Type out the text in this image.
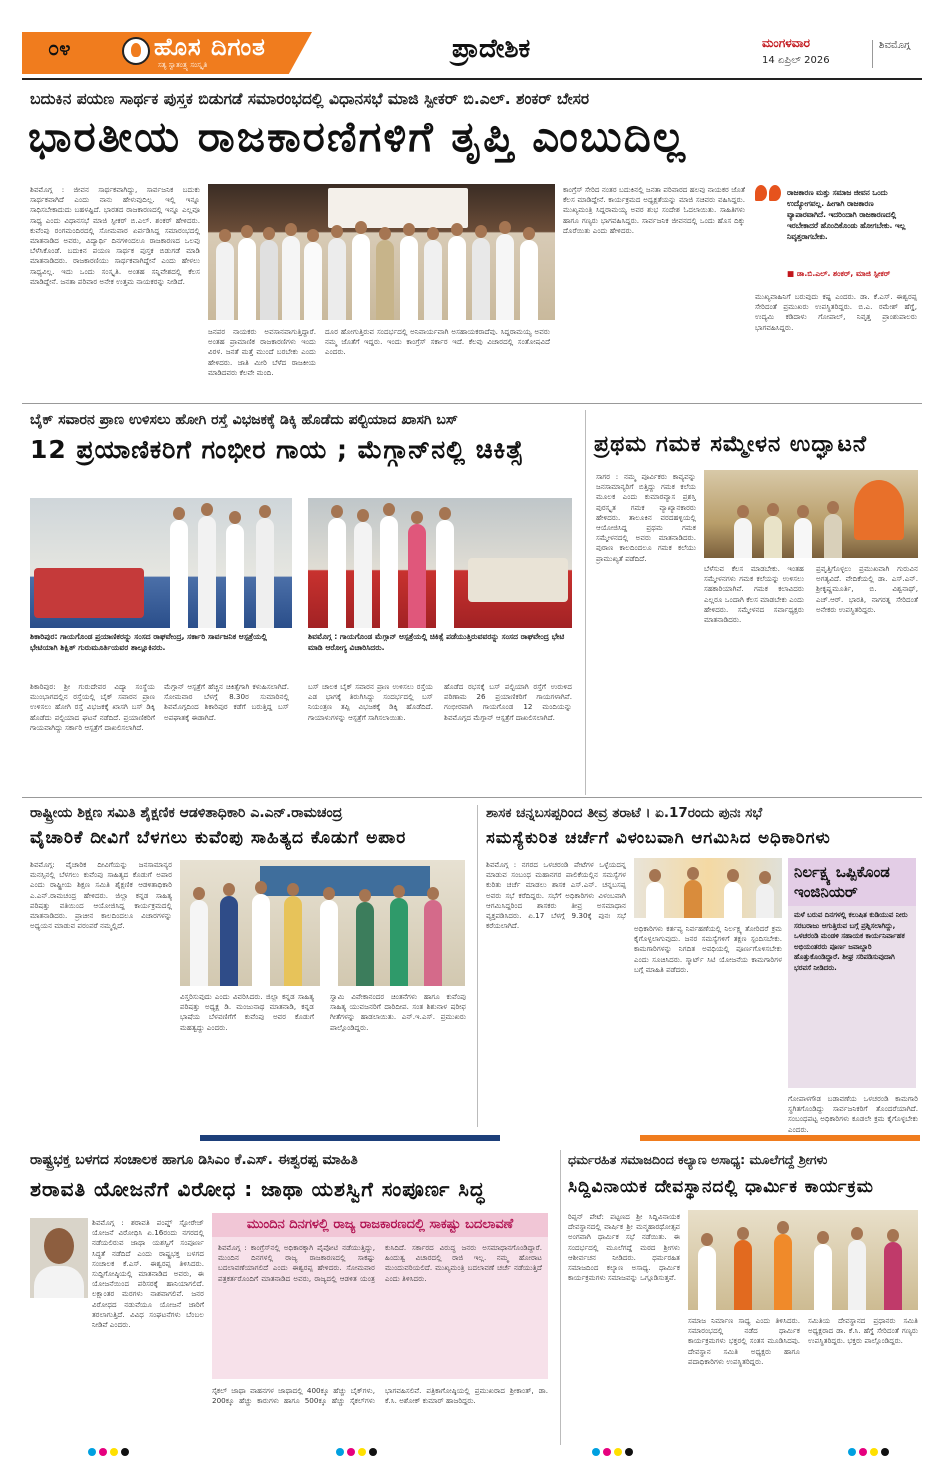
೦೪	ಹೊಸ ದಿಗಂತ
ಸತ್ಯ ಸ್ವಾತಂತ್ರ್ಯ ಸಂಸ್ಕೃತಿ
ಪ್ರಾದೇಶಿಕ	ಮಂಗಳವಾರ
14 ಏಪ್ರಿಲ್ 2026
ಶಿವಮೊಗ್ಗ
ಬದುಕಿನ ಪಯಣ ಸಾರ್ಥಕ ಪುಸ್ತಕ ಬಿಡುಗಡೆ ಸಮಾರಂಭದಲ್ಲಿ ವಿಧಾನಸಭೆ ಮಾಜಿ ಸ್ಪೀಕರ್ ಬಿ.ಎಲ್. ಶಂಕರ್ ಬೇಸರ
ಭಾರತೀಯ ರಾಜಕಾರಣಿಗಳಿಗೆ ತೃಪ್ತಿ ಎಂಬುದಿಲ್ಲ
ಶಿವಮೊಗ್ಗ : ಜೀವನ ಸಾರ್ಥಕವಾಗಿದ್ದು, ಸಾರ್ವಜನಿಕ ಬದುಕು ಸಾರ್ಥಕವಾಗಿದೆ ಎಂದು ನಾನು ಹೇಳುವುದಿಲ್ಲ. ಇಲ್ಲಿ ಇನ್ನೂ ಸಾಧಿಸಬೇಕಾದುದು ಬಹಳಷ್ಟಿದೆ. ಭಾರತದ ರಾಜಕಾರಣದಲ್ಲಿ ಇನ್ನೂ ಎಲ್ಲವೂ ಸಾಧ್ಯ ಎಂದು ವಿಧಾನಸಭೆ ಮಾಜಿ ಸ್ಪೀಕರ್ ಬಿ.ಎಲ್. ಶಂಕರ್ ಹೇಳಿದರು. ಕುವೆಂಪು ರಂಗಮಂದಿರದಲ್ಲಿ ಸೋಮವಾರ ಏರ್ಪಡಿಸಿದ್ದ ಸಮಾರಂಭದಲ್ಲಿ ಮಾತನಾಡಿದ ಅವರು, ವಿದ್ಯಾರ್ಥಿ ದಿನಗಳಿಂದಲೂ ರಾಜಕಾರಣದ ಒಲವು ಬೆಳೆಸಿಕೊಂಡೆ. ಬದುಕಿನ ಪಯಣ ಸಾರ್ಥಕ ಪುಸ್ತಕ ಬಿಡುಗಡೆ ಮಾಡಿ ಮಾತನಾಡಿದರು. ರಾಜಕಾರಣಿಯು ಸಾರ್ಥಕವಾಗಿದ್ದೇನೆ ಎಂದು ಹೇಳಲು ಸಾಧ್ಯವಿಲ್ಲ. ಇದು ಒಂದು ಸಂಸ್ಕೃತಿ. ಅಂತಹ ಸನ್ನಿವೇಶದಲ್ಲಿ ಕೆಲಸ ಮಾಡಿದ್ದೇನೆ. ಜನತಾ ಪರಿವಾರ ಅನೇಕ ಉತ್ತಮ ನಾಯಕರನ್ನು ನೀಡಿದೆ.
ಜನಪರ ನಾಯಕರು ಅವಸಾನವಾಗುತ್ತಿದ್ದಾರೆ. ಅಂತಹ ಪ್ರಾಮಾಣಿಕ ರಾಜಕಾರಣಿಗಳು ಇಂದು ವಿರಳ. ಜನತೆ ಮತ್ತೆ ಮುಂದೆ ಬರಬೇಕು ಎಂದು ಹೇಳಿದರು. ಜಾತಿ ಮೀರಿ ಬೆಳೆದ ರಾಜಕೀಯ ಮಾಡಿದವರು ಕೆಲವೇ ಮಂದಿ.
ದೂರ ಹೋಗುತ್ತಿರುವ ಸಂದರ್ಭದಲ್ಲಿ ಅನಿವಾರ್ಯವಾಗಿ ಅಸಹಾಯಕರಾದೆವು. ಸಿದ್ದರಾಮಯ್ಯ ಅವರು ನಮ್ಮ ಜೊತೆಗೆ ಇದ್ದರು. ಇಂದು ಕಾಂಗ್ರೆಸ್ ಸರ್ಕಾರ ಇದೆ. ಕೆಲವು ವಿಚಾರದಲ್ಲಿ ಸಂತೋಷವಿದೆ ಎಂದರು.
ಕಾಂಗ್ರೆಸ್ ಸೇರಿದ ನಂತರ ಬದುಕಿನಲ್ಲಿ ಜನತಾ ಪರಿವಾರದ ಹಲವು ನಾಯಕರ ಜೊತೆ ಕೆಲಸ ಮಾಡಿದ್ದೇನೆ. ಕಾರ್ಯಕ್ರಮದ ಅಧ್ಯಕ್ಷತೆಯನ್ನು ಮಾಜಿ ಸಚಿವರು ವಹಿಸಿದ್ದರು. ಮುಖ್ಯಮಂತ್ರಿ ಸಿದ್ದರಾಮಯ್ಯ ಅವರ ಶುಭ ಸಂದೇಶ ಓದಲಾಯಿತು. ಸಾಹಿತಿಗಳು ಹಾಗೂ ಗಣ್ಯರು ಭಾಗವಹಿಸಿದ್ದರು. ಸಾರ್ವಜನಿಕ ಜೀವನದಲ್ಲಿ ಒಂದು ಹೊಸ ದಿಕ್ಕು ದೊರೆಯಿತು ಎಂದು ಹೇಳಿದರು.
ರಾಜಕಾರಣ ಮತ್ತು ಸಮಾಜ ಜೀವನ ಒಂದು ಉದ್ಯೋಗವಲ್ಲ. ಹೀಗಾಗಿ ರಾಜಕಾರಣ ವ್ಯಾಪಾರವಾಗಿದೆ. ಇದರಿಂದಾಗಿ ರಾಜಕಾರಣದಲ್ಲಿ ಇರಬೇಕಾದರೆ ಹೊಂದಿಕೊಂಡು ಹೋಗಬೇಕು. ಇಲ್ಲ ನಿವೃತ್ತರಾಗಬೇಕು.
■ ಡಾ.ಬಿ.ಎಲ್. ಶಂಕರ್, ಮಾಜಿ ಸ್ಪೀಕರ್
ಮುಖ್ಯವಾಹಿನಿಗೆ ಬರುವುದು ಕಷ್ಟ ಎಂದರು. ಡಾ. ಕೆ.ಎಸ್. ಈಶ್ವರಪ್ಪ ಸೇರಿದಂತೆ ಪ್ರಮುಖರು ಉಪಸ್ಥಿತರಿದ್ದರು. ಬಿ.ಎ. ರಮೇಶ್ ಹೆಗ್ಡೆ, ಉದ್ಯಮಿ ಕಡಿದಾಳು ಗೋಪಾಲ್, ನಿವೃತ್ತ ಪ್ರಾಂಶುಪಾಲರು ಭಾಗವಹಿಸಿದ್ದರು.
ಬೈಕ್ ಸವಾರನ ಪ್ರಾಣ ಉಳಿಸಲು ಹೋಗಿ ರಸ್ತೆ ವಿಭಜಕಕ್ಕೆ ಡಿಕ್ಕಿ ಹೊಡೆದು ಪಲ್ಟಿಯಾದ ಖಾಸಗಿ ಬಸ್
12 ಪ್ರಯಾಣಿಕರಿಗೆ ಗಂಭೀರ ಗಾಯ ; ಮೆಗ್ಗಾನ್‌ನಲ್ಲಿ ಚಿಕಿತ್ಸೆ
ಶಿಕಾರಿಪುರ: ಗಾಯಗೊಂಡ ಪ್ರಯಾಣಿಕರನ್ನು ಸಂಸದ ರಾಘವೇಂದ್ರ, ಸರ್ಕಾರಿ ಸಾರ್ವಜನಿಕ ಆಸ್ಪತ್ರೆಯಲ್ಲಿ ಭೇಟಿಯಾಗಿ ಶಿಕ್ಷಿತ್ ಗುರುಮೂರ್ತಿಯವರ ತಾಲ್ಲೂಕಿನರು.
ಶಿವಮೊಗ್ಗ : ಗಾಯಗೊಂಡ ಮೆಗ್ಗಾನ್ ಆಸ್ಪತ್ರೆಯಲ್ಲಿ ಚಿಕಿತ್ಸೆ ಪಡೆಯುತ್ತಿರುವವರನ್ನು ಸಂಸದ ರಾಘವೇಂದ್ರ ಭೇಟಿ ಮಾಡಿ ಆರೋಗ್ಯ ವಿಚಾರಿಸಿದರು.
ಶಿಕಾರಿಪುರ: ಶ್ರೀ ಗುರುದೇವರ ವಿದ್ಯಾ ಸಂಸ್ಥೆಯ ಮುಂಭಾಗದಲ್ಲಿನ ರಸ್ತೆಯಲ್ಲಿ ಬೈಕ್ ಸವಾರನ ಪ್ರಾಣ ಉಳಿಸಲು ಹೋಗಿ ರಸ್ತೆ ವಿಭಜಕಕ್ಕೆ ಖಾಸಗಿ ಬಸ್ ಡಿಕ್ಕಿ ಹೊಡೆದು ಪಲ್ಟಿಯಾದ ಘಟನೆ ನಡೆದಿದೆ. ಪ್ರಯಾಣಿಕರಿಗೆ ಗಾಯವಾಗಿದ್ದು ಸರ್ಕಾರಿ ಆಸ್ಪತ್ರೆಗೆ ದಾಖಲಿಸಲಾಗಿದೆ.
ಮೆಗ್ಗಾನ್ ಆಸ್ಪತ್ರೆಗೆ ಹೆಚ್ಚಿನ ಚಿಕಿತ್ಸೆಗಾಗಿ ಕಳುಹಿಸಲಾಗಿದೆ. ಸೋಮವಾರ ಬೆಳಗ್ಗೆ 8.30ರ ಸುಮಾರಿನಲ್ಲಿ ಶಿವಮೊಗ್ಗದಿಂದ ಶಿಕಾರಿಪುರ ಕಡೆಗೆ ಬರುತ್ತಿದ್ದ ಬಸ್ ಅಪಘಾತಕ್ಕೆ ಈಡಾಗಿದೆ.
ಬಸ್ ಚಾಲಕ ಬೈಕ್ ಸವಾರನ ಪ್ರಾಣ ಉಳಿಸಲು ರಸ್ತೆಯ ಎಡ ಭಾಗಕ್ಕೆ ತಿರುಗಿಸಿದ್ದು ಸಂದರ್ಭದಲ್ಲಿ ಬಸ್ ನಿಯಂತ್ರಣ ತಪ್ಪಿ ವಿಭಜಕಕ್ಕೆ ಡಿಕ್ಕಿ ಹೊಡೆದಿದೆ. ಗಾಯಾಳುಗಳನ್ನು ಆಸ್ಪತ್ರೆಗೆ ಸಾಗಿಸಲಾಯಿತು.
ಹೊಡೆದ ರಭಸಕ್ಕೆ ಬಸ್ ಪಲ್ಟಿಯಾಗಿ ರಸ್ತೆಗೆ ಉರುಳಿದ ಪರಿಣಾಮ 26 ಪ್ರಯಾಣಿಕರಿಗೆ ಗಾಯಗಳಾಗಿವೆ. ಗಂಭೀರವಾಗಿ ಗಾಯಗೊಂಡ 12 ಮಂದಿಯನ್ನು ಶಿವಮೊಗ್ಗದ ಮೆಗ್ಗಾನ್ ಆಸ್ಪತ್ರೆಗೆ ದಾಖಲಿಸಲಾಗಿದೆ.
ಪ್ರಥಮ ಗಮಕ ಸಮ್ಮೇಳನ ಉದ್ಘಾಟನೆ
ಸಾಗರ : ನಮ್ಮ ಪೂರ್ವಿಕರು ಕಾವ್ಯವನ್ನು ಜನಸಾಮಾನ್ಯರಿಗೆ ಬಿತ್ತಿದ್ದು ಗಮಕ ಕಲೆಯ ಮೂಲಕ ಎಂದು ಕುಮಾರವ್ಯಾಸ ಪ್ರಶಸ್ತಿ ಪುರಸ್ಕೃತ ಗಮಕ ವ್ಯಾಖ್ಯಾನಕಾರರು ಹೇಳಿದರು. ತಾಲೂಕಿನ ವರದಹಳ್ಳಿಯಲ್ಲಿ ಆಯೋಜಿಸಿದ್ದ ಪ್ರಥಮ ಗಮಕ ಸಮ್ಮೇಳನದಲ್ಲಿ ಅವರು ಮಾತನಾಡಿದರು. ಪುರಾಣ ಕಾಲದಿಂದಲೂ ಗಮಕ ಕಲೆಯು ಪ್ರಾಮುಖ್ಯತೆ ಪಡೆದಿದೆ.
ಬೆಳೆಸುವ ಕೆಲಸ ಮಾಡಬೇಕು. ಇಂತಹ ಸಮ್ಮೇಳನಗಳು ಗಮಕ ಕಲೆಯನ್ನು ಉಳಿಸಲು ಸಹಕಾರಿಯಾಗಿವೆ. ಗಮಕ ಕಲಾವಿದರು ಎಲ್ಲರೂ ಒಂದಾಗಿ ಕೆಲಸ ಮಾಡಬೇಕು ಎಂದು ಹೇಳಿದರು. ಸಮ್ಮೇಳನದ ಸರ್ವಾಧ್ಯಕ್ಷರು ಮಾತನಾಡಿದರು.
ಪ್ರವೃತ್ತಿಗೊಳ್ಳಲು ಪ್ರಮುಖವಾಗಿ ಗುರುವಿನ ಅಗತ್ಯವಿದೆ. ವೇದಿಕೆಯಲ್ಲಿ ಡಾ. ಎಸ್.ಎನ್. ಶ್ರೀಕೃಷ್ಣಮೂರ್ತಿ, ಬಿ. ವಿಶ್ವನಾಥ್, ಎಚ್.ಆರ್. ಭಾರತಿ, ನಾಗರತ್ನ ಸೇರಿದಂತೆ ಅನೇಕರು ಉಪಸ್ಥಿತರಿದ್ದರು.
ರಾಷ್ಟ್ರೀಯ ಶಿಕ್ಷಣ ಸಮಿತಿ ಶೈಕ್ಷಣಿಕ ಆಡಳಿತಾಧಿಕಾರಿ ಎ.ಎನ್.ರಾಮಚಂದ್ರ
ವೈಚಾರಿಕೆ ದೀವಿಗೆ ಬೆಳಗಲು ಕುವೆಂಪು ಸಾಹಿತ್ಯದ ಕೊಡುಗೆ ಅಪಾರ
ಶಿವಮೊಗ್ಗ: ವೈಚಾರಿಕ ದೀವಿಗೆಯನ್ನು ಜನಸಾಮಾನ್ಯರ ಮನಸ್ಸಿನಲ್ಲಿ ಬೆಳಗಲು ಕುವೆಂಪು ಸಾಹಿತ್ಯದ ಕೊಡುಗೆ ಅಪಾರ ಎಂದು ರಾಷ್ಟ್ರೀಯ ಶಿಕ್ಷಣ ಸಮಿತಿ ಶೈಕ್ಷಣಿಕ ಆಡಳಿತಾಧಿಕಾರಿ ಎ.ಎನ್.ರಾಮಚಂದ್ರ ಹೇಳಿದರು. ಜಿಲ್ಲಾ ಕನ್ನಡ ಸಾಹಿತ್ಯ ಪರಿಷತ್ತು ವತಿಯಿಂದ ಆಯೋಜಿಸಿದ್ದ ಕಾರ್ಯಕ್ರಮದಲ್ಲಿ ಮಾತನಾಡಿದರು. ಪ್ರಾಚೀನ ಕಾಲದಿಂದಲೂ ವಿಚಾರಗಳನ್ನು ಅಧ್ಯಯನ ಮಾಡುವ ಪರಂಪರೆ ನಮ್ಮಲ್ಲಿದೆ.
ವಿಸ್ತರಿಸುವುದು ಎಂದು ವಿವರಿಸಿದರು. ಜಿಲ್ಲಾ ಕನ್ನಡ ಸಾಹಿತ್ಯ ಪರಿಷತ್ತು ಅಧ್ಯಕ್ಷ ಡಿ. ಮಂಜುನಾಥ ಮಾತನಾಡಿ, ಕನ್ನಡ ಭಾಷೆಯ ಬೆಳವಣಿಗೆಗೆ ಕುವೆಂಪು ಅವರ ಕೊಡುಗೆ ಮಹತ್ವದ್ದು ಎಂದರು.
ಸ್ವಾಮಿ ವಿವೇಕಾನಂದರ ಚಿಂತನೆಗಳು ಹಾಗೂ ಕುವೆಂಪು ಸಾಹಿತ್ಯ ಯುವಜನರಿಗೆ ದಾರಿದೀಪ. ಸಂತ ಶಿಶುನಾಳ ಷರೀಫ ಗೀತೆಗಳನ್ನು ಹಾಡಲಾಯಿತು. ಎನ್.ಇ.ಎಸ್. ಪ್ರಮುಖರು ಪಾಲ್ಗೊಂಡಿದ್ದರು.
ಶಾಸಕ ಚನ್ನಬಸಪ್ಪರಿಂದ ತೀವ್ರ ತರಾಟೆ । ಏ.17ರಂದು ಪುನಃ ಸಭೆ
ಸಮಸ್ಯೆಕುರಿತ ಚರ್ಚೆಗೆ ವಿಳಂಬವಾಗಿ ಆಗಮಿಸಿದ ಅಧಿಕಾರಿಗಳು
ಶಿವಮೊಗ್ಗ : ನಗರದ ಒಳಚರಂಡಿ ಪೇಟೆಗಳ ಒಳ್ಳೆಯದನ್ನ ಮಾಡುವ ಸಂಬಂಧ ಮಹಾನಗರ ಪಾಲಿಕೆಯಲ್ಲಿನ ಸಮಸ್ಯೆಗಳ ಕುರಿತು ಚರ್ಚೆ ಮಾಡಲು ಶಾಸಕ ಎಸ್.ಎನ್. ಚನ್ನಬಸಪ್ಪ ಅವರು ಸಭೆ ಕರೆದಿದ್ದರು. ಸಭೆಗೆ ಅಧಿಕಾರಿಗಳು ವಿಳಂಬವಾಗಿ ಆಗಮಿಸಿದ್ದರಿಂದ ಶಾಸಕರು ತೀವ್ರ ಅಸಮಾಧಾನ ವ್ಯಕ್ತಪಡಿಸಿದರು. ಏ.17 ಬೆಳಗ್ಗೆ 9.30ಕ್ಕೆ ಪುನಃ ಸಭೆ ಕರೆಯಲಾಗಿದೆ.	ಅಧಿಕಾರಿಗಳು ಕರ್ತವ್ಯ ನಿರ್ವಹಣೆಯಲ್ಲಿ ನಿರ್ಲಕ್ಷ್ಯ ತೋರಿದರೆ ಕ್ರಮ ಕೈಗೊಳ್ಳಲಾಗುವುದು. ಜನರ ಸಮಸ್ಯೆಗಳಿಗೆ ತಕ್ಷಣ ಸ್ಪಂದಿಸಬೇಕು. ಕಾಮಗಾರಿಗಳನ್ನು ನಿಗದಿತ ಅವಧಿಯಲ್ಲಿ ಪೂರ್ಣಗೊಳಿಸಬೇಕು ಎಂದು ಸೂಚಿಸಿದರು. ಸ್ಮಾರ್ಟ್ ಸಿಟಿ ಯೋಜನೆಯ ಕಾಮಗಾರಿಗಳ ಬಗ್ಗೆ ಮಾಹಿತಿ ಪಡೆದರು.
ನಿರ್ಲಕ್ಷ್ಯ ಒಪ್ಪಿಕೊಂಡ ಇಂಜಿನಿಯರ್
ಮಳೆ ಬರುವ ದಿನಗಳಲ್ಲಿ ಕಲುಷಿತ ಕುಡಿಯುವ ನೀರು ಸರಬರಾಜು ಆಗುತ್ತಿರುವ ಬಗ್ಗೆ ಪ್ರಶ್ನಿಸಲಾಗಿದ್ದು, ಒಳಚರಂಡಿ ಮಂಡಳಿ ಸಹಾಯಕ ಕಾರ್ಯನಿರ್ವಾಹಕ ಅಭಿಯಂತರರು ಪೂರ್ಣ ಜವಾಬ್ದಾರಿ ಹೊತ್ತುಕೊಂಡಿದ್ದಾರೆ. ಶೀಘ್ರ ಸರಿಪಡಿಸುವುದಾಗಿ ಭರವಸೆ ನೀಡಿದರು.
ಗೋಪಾಳಗೌಡ ಬಡಾವಣೆಯ ಒಳಚರಂಡಿ ಕಾಮಗಾರಿ ಸ್ಥಗಿತಗೊಂಡಿದ್ದು ಸಾರ್ವಜನಿಕರಿಗೆ ತೊಂದರೆಯಾಗಿದೆ. ಸಂಬಂಧಪಟ್ಟ ಅಧಿಕಾರಿಗಳು ಕೂಡಲೇ ಕ್ರಮ ಕೈಗೊಳ್ಳಬೇಕು ಎಂದರು.
ರಾಷ್ಟ್ರಭಕ್ತ ಬಳಗದ ಸಂಚಾಲಕ ಹಾಗೂ ಡಿಸಿಎಂ ಕೆ.ಎಸ್. ಈಶ್ವರಪ್ಪ ಮಾಹಿತಿ
ಶರಾವತಿ ಯೋಜನೆಗೆ ವಿರೋಧ : ಜಾಥಾ ಯಶಸ್ವಿಗೆ ಸಂಪೂರ್ಣ ಸಿದ್ಧ
ಶಿವಮೊಗ್ಗ : ಶರಾವತಿ ಪಂಪ್ಡ್ ಸ್ಟೋರೇಜ್ ಯೋಜನೆ ವಿರೋಧಿಸಿ ಏ.16ರಂದು ನಗರದಲ್ಲಿ ನಡೆಯಲಿರುವ ಜಾಥಾ ಯಶಸ್ವಿಗೆ ಸಂಪೂರ್ಣ ಸಿದ್ಧತೆ ನಡೆದಿದೆ ಎಂದು ರಾಷ್ಟ್ರಭಕ್ತ ಬಳಗದ ಸಂಚಾಲಕ ಕೆ.ಎಸ್. ಈಶ್ವರಪ್ಪ ತಿಳಿಸಿದರು. ಸುದ್ದಿಗೋಷ್ಠಿಯಲ್ಲಿ ಮಾತನಾಡಿದ ಅವರು, ಈ ಯೋಜನೆಯಿಂದ ಪರಿಸರಕ್ಕೆ ಹಾನಿಯಾಗಲಿದೆ. ಲಕ್ಷಾಂತರ ಮರಗಳು ನಾಶವಾಗಲಿವೆ. ಜನರ ವಿರೋಧದ ನಡುವೆಯೂ ಯೋಜನೆ ಜಾರಿಗೆ ತರಲಾಗುತ್ತಿದೆ. ವಿವಿಧ ಸಂಘಟನೆಗಳು ಬೆಂಬಲ ನೀಡಿವೆ ಎಂದರು.
ಮುಂದಿನ ದಿನಗಳಲ್ಲಿ ರಾಜ್ಯ ರಾಜಕಾರಣದಲ್ಲಿ ಸಾಕಷ್ಟು ಬದಲಾವಣೆ
ಶಿವಮೊಗ್ಗ : ಕಾಂಗ್ರೆಸ್‌ನಲ್ಲಿ ಅಧಿಕಾರಕ್ಕಾಗಿ ಪೈಪೋಟಿ ನಡೆಯುತ್ತಿದ್ದು, ಮುಂದಿನ ದಿನಗಳಲ್ಲಿ ರಾಜ್ಯ ರಾಜಕಾರಣದಲ್ಲಿ ಸಾಕಷ್ಟು ಬದಲಾವಣೆಯಾಗಲಿದೆ ಎಂದು ಈಶ್ವರಪ್ಪ ಹೇಳಿದರು. ಸೋಮವಾರ ಪತ್ರಕರ್ತರೊಂದಿಗೆ ಮಾತನಾಡಿದ ಅವರು, ರಾಜ್ಯದಲ್ಲಿ ಆಡಳಿತ ಯಂತ್ರ ಕುಸಿದಿದೆ. ಸರ್ಕಾರದ ವಿರುದ್ಧ ಜನರು ಅಸಮಾಧಾನಗೊಂಡಿದ್ದಾರೆ. ಹಿಂದುತ್ವ ವಿಚಾರದಲ್ಲಿ ರಾಜಿ ಇಲ್ಲ. ನಮ್ಮ ಹೋರಾಟ ಮುಂದುವರಿಯಲಿದೆ. ಮುಖ್ಯಮಂತ್ರಿ ಬದಲಾವಣೆ ಚರ್ಚೆ ನಡೆಯುತ್ತಿದೆ ಎಂದು ತಿಳಿಸಿದರು.
ಸೈಕಲ್ ಜಾಥಾ ವಾಹನಗಳ ಜಾಥಾದಲ್ಲಿ 400ಕ್ಕೂ ಹೆಚ್ಚು ಬೈಕ್‌ಗಳು, 200ಕ್ಕೂ ಹೆಚ್ಚು ಕಾರುಗಳು ಹಾಗೂ 500ಕ್ಕೂ ಹೆಚ್ಚು ಸೈಕಲ್‌ಗಳು ಭಾಗವಹಿಸಲಿವೆ. ಪತ್ರಿಕಾಗೋಷ್ಠಿಯಲ್ಲಿ ಪ್ರಮುಖರಾದ ಶ್ರೀಕಾಂತ್, ಡಾ. ಕೆ.ಸಿ. ಅಶೋಕ್ ಕುಮಾರ್ ಹಾಜರಿದ್ದರು.
ಧರ್ಮರಹಿತ ಸಮಾಜದಿಂದ ಕಲ್ಯಾಣ ಅಸಾಧ್ಯ: ಮೂಲೆಗದ್ದೆ ಶ್ರೀಗಳು
ಸಿದ್ದಿವಿನಾಯಕ ದೇವಸ್ಥಾನದಲ್ಲಿ ಧಾರ್ಮಿಕ ಕಾರ್ಯಕ್ರಮ
ರಿಪ್ಪನ್ ಪೇಟೆ: ಪಟ್ಟಣದ ಶ್ರೀ ಸಿದ್ದಿವಿನಾಯಕ ದೇವಸ್ಥಾನದಲ್ಲಿ ವಾರ್ಷಿಕ ಶ್ರೀ ಮನ್ಮಹಾರಥೋತ್ಸವ ಅಂಗವಾಗಿ ಧಾರ್ಮಿಕ ಸಭೆ ನಡೆಯಿತು. ಈ ಸಂದರ್ಭದಲ್ಲಿ ಮೂಲೆಗದ್ದೆ ಮಠದ ಶ್ರೀಗಳು ಆಶೀರ್ವಚನ ನೀಡಿದರು. ಧರ್ಮರಹಿತ ಸಮಾಜದಿಂದ ಕಲ್ಯಾಣ ಅಸಾಧ್ಯ. ಧಾರ್ಮಿಕ ಕಾರ್ಯಕ್ರಮಗಳು ಸಮಾಜವನ್ನು ಒಗ್ಗೂಡಿಸುತ್ತವೆ.
ಸಮಾಜ ನಿರ್ಮಾಣ ಸಾಧ್ಯ ಎಂದು ತಿಳಿಸಿದರು. ಸಮಾರಂಭದಲ್ಲಿ ನಡೆದ ಧಾರ್ಮಿಕ ಕಾರ್ಯಕ್ರಮಗಳು ಭಕ್ತರಲ್ಲಿ ಸಂತಸ ಮೂಡಿಸಿದವು. ದೇವಸ್ಥಾನ ಸಮಿತಿ ಅಧ್ಯಕ್ಷರು ಹಾಗೂ ಪದಾಧಿಕಾರಿಗಳು ಉಪಸ್ಥಿತರಿದ್ದರು.
ಸಮಿತಿಯ ದೇವಸ್ಥಾನದ ಪ್ರಧಾನರು ಸಮಿತಿ ಅಧ್ಯಕ್ಷರಾದ ಡಾ. ಕೆ.ಸಿ. ಹೆಗ್ಡೆ ಸೇರಿದಂತೆ ಗಣ್ಯರು ಉಪಸ್ಥಿತರಿದ್ದರು. ಭಕ್ತರು ಪಾಲ್ಗೊಂಡಿದ್ದರು.
